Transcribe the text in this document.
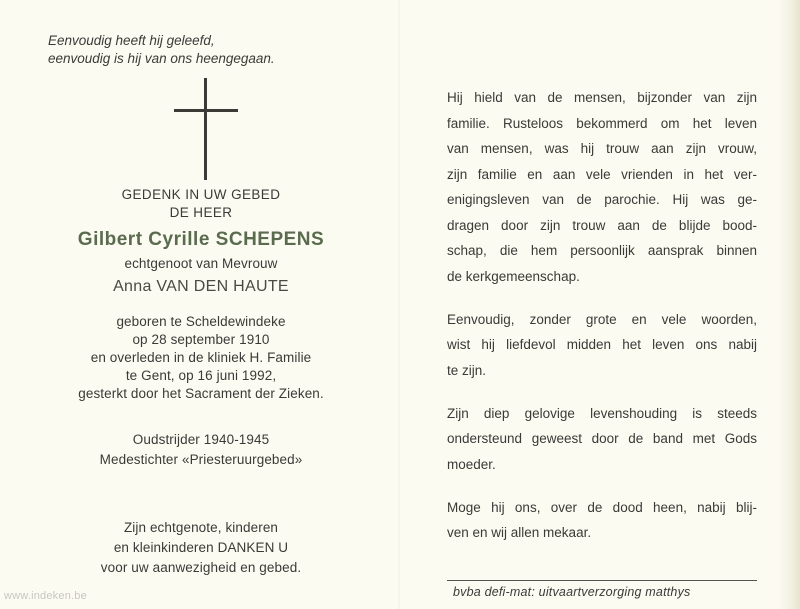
Eenvoudig heeft hij geleefd,
eenvoudig is hij van ons heengegaan.
GEDENK IN UW GEBED
DE HEER
Gilbert Cyrille SCHEPENS
echtgenoot van Mevrouw
Anna VAN DEN HAUTE
geboren te Scheldewindeke
op 28 september 1910
en overleden in de kliniek H. Familie
te Gent, op 16 juni 1992,
gesterkt door het Sacrament der Zieken.
Oudstrijder 1940-1945
Medestichter «Priesteruurgebed»
Zijn echtgenote, kinderen
en kleinkinderen DANKEN U
voor uw aanwezigheid en gebed.
Hij hield van de mensen, bijzonder van zijn
familie. Rusteloos bekommerd om het leven
van mensen, was hij trouw aan zijn vrouw,
zijn familie en aan vele vrienden in het ver-
enigingsleven van de parochie. Hij was ge-
dragen door zijn trouw aan de blijde bood-
schap, die hem persoonlijk aansprak binnen
de kerkgemeenschap.
Eenvoudig, zonder grote en vele woorden,
wist hij liefdevol midden het leven ons nabij
te zijn.
Zijn diep gelovige levenshouding is steeds
ondersteund geweest door de band met Gods
moeder.
Moge hij ons, over de dood heen, nabij blij-
ven en wij allen mekaar.
bvba defi-mat: uitvaartverzorging matthys
www.indeken.be
